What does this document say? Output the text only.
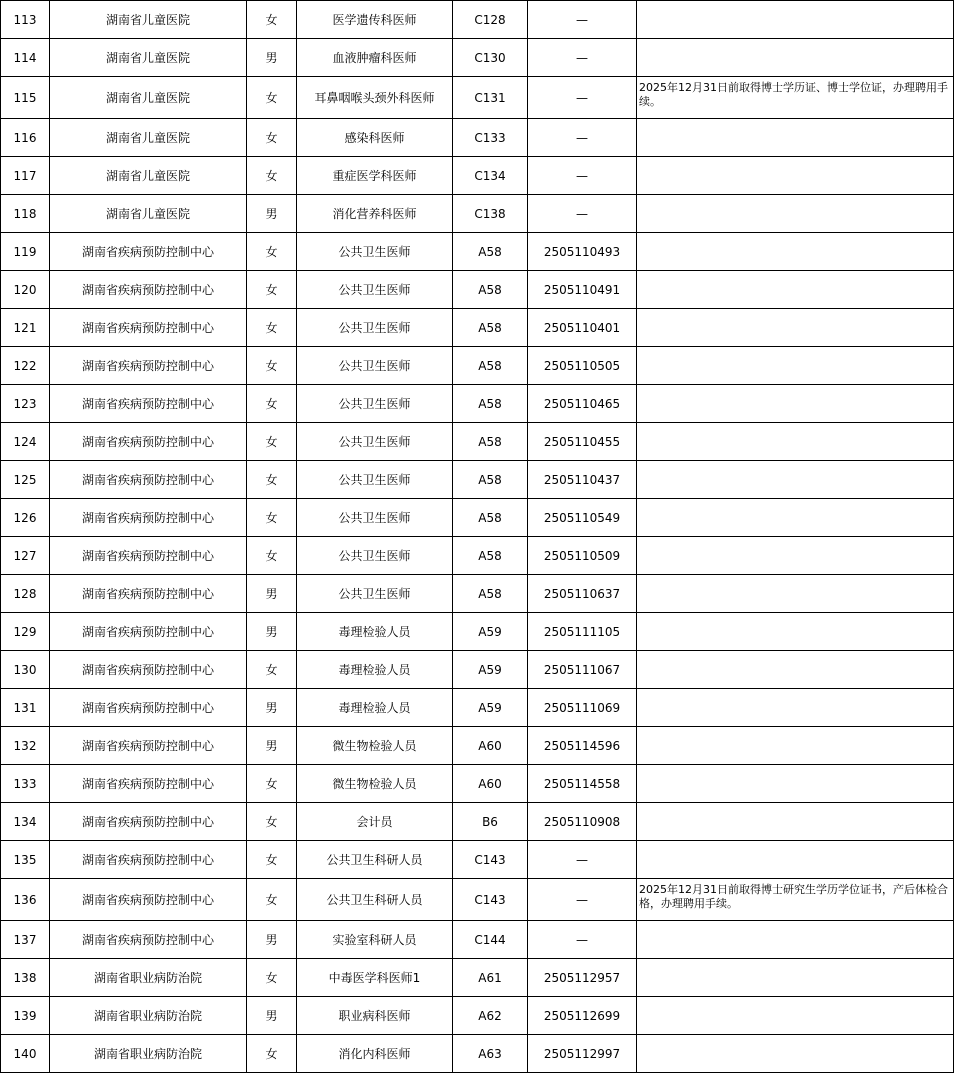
113	湖南省儿童医院	女	医学遗传科医师	C128	—	
114	湖南省儿童医院	男	血液肿瘤科医师	C130	—	
115	湖南省儿童医院	女	耳鼻咽喉头颈外科医师	C131	—	2025年12月31日前取得博士学历证、博士学位证，办理聘用手续。
116	湖南省儿童医院	女	感染科医师	C133	—	
117	湖南省儿童医院	女	重症医学科医师	C134	—	
118	湖南省儿童医院	男	消化营养科医师	C138	—	
119	湖南省疾病预防控制中心	女	公共卫生医师	A58	2505110493	
120	湖南省疾病预防控制中心	女	公共卫生医师	A58	2505110491	
121	湖南省疾病预防控制中心	女	公共卫生医师	A58	2505110401	
122	湖南省疾病预防控制中心	女	公共卫生医师	A58	2505110505	
123	湖南省疾病预防控制中心	女	公共卫生医师	A58	2505110465	
124	湖南省疾病预防控制中心	女	公共卫生医师	A58	2505110455	
125	湖南省疾病预防控制中心	女	公共卫生医师	A58	2505110437	
126	湖南省疾病预防控制中心	女	公共卫生医师	A58	2505110549	
127	湖南省疾病预防控制中心	女	公共卫生医师	A58	2505110509	
128	湖南省疾病预防控制中心	男	公共卫生医师	A58	2505110637	
129	湖南省疾病预防控制中心	男	毒理检验人员	A59	2505111105	
130	湖南省疾病预防控制中心	女	毒理检验人员	A59	2505111067	
131	湖南省疾病预防控制中心	男	毒理检验人员	A59	2505111069	
132	湖南省疾病预防控制中心	男	微生物检验人员	A60	2505114596	
133	湖南省疾病预防控制中心	女	微生物检验人员	A60	2505114558	
134	湖南省疾病预防控制中心	女	会计员	B6	2505110908	
135	湖南省疾病预防控制中心	女	公共卫生科研人员	C143	—	
136	湖南省疾病预防控制中心	女	公共卫生科研人员	C143	—	2025年12月31日前取得博士研究生学历学位证书，产后体检合格，办理聘用手续。
137	湖南省疾病预防控制中心	男	实验室科研人员	C144	—	
138	湖南省职业病防治院	女	中毒医学科医师1	A61	2505112957	
139	湖南省职业病防治院	男	职业病科医师	A62	2505112699	
140	湖南省职业病防治院	女	消化内科医师	A63	2505112997	
